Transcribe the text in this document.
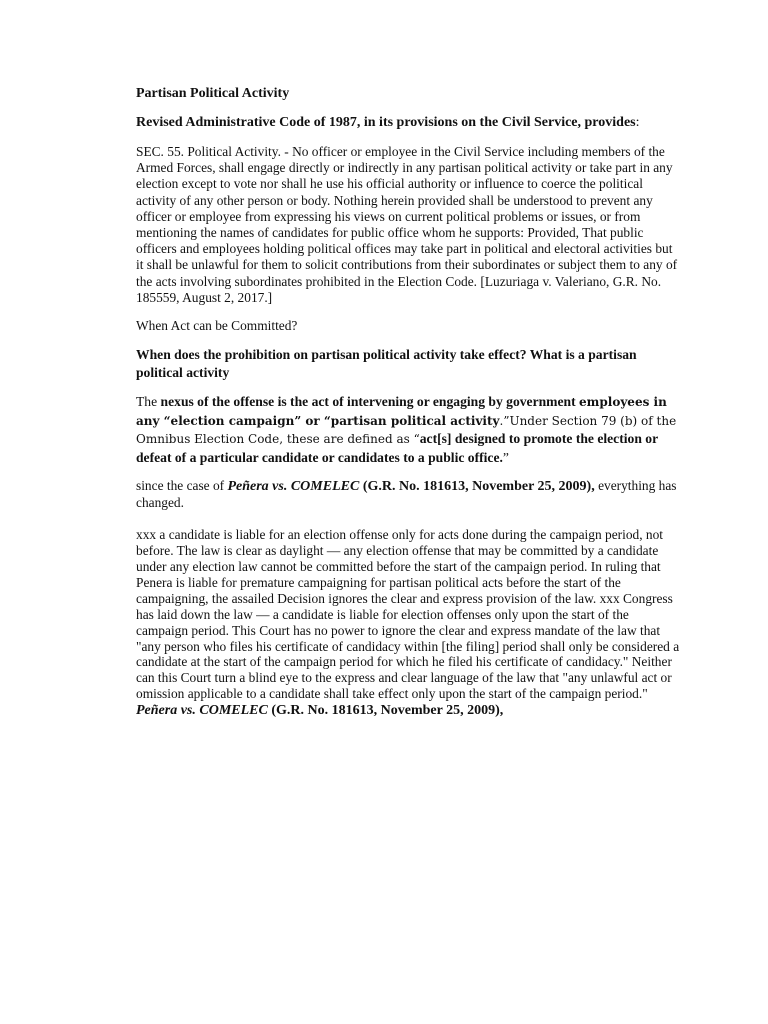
Partisan Political Activity
Revised Administrative Code of 1987, in its provisions on the Civil Service, provides:
SEC. 55. Political Activity. - No officer or employee in the Civil Service including members of the Armed Forces, shall engage directly or indirectly in any partisan political activity or take part in any election except to vote nor shall he use his official authority or influence to coerce the political activity of any other person or body. Nothing herein provided shall be understood to prevent any officer or employee from expressing his views on current political problems or issues, or from mentioning the names of candidates for public office whom he supports: Provided, That public officers and employees holding political offices may take part in political and electoral activities but it shall be unlawful for them to solicit contributions from their subordinates or subject them to any of the acts involving subordinates prohibited in the Election Code. [Luzuriaga v. Valeriano, G.R. No. 185559, August 2, 2017.]
When Act can be Committed?
When does the prohibition on partisan political activity take effect? What is a partisan political activity
The nexus of the offense is the act of intervening or engaging by government employees in any “election campaign” or “partisan political activity.”Under Section 79 (b) of the Omnibus Election Code, these are defined as “act[s] designed to promote the election or defeat of a particular candidate or candidates to a public office.”
since the case of Peñera vs. COMELEC (G.R. No. 181613, November 25, 2009), everything has changed.
xxx a candidate is liable for an election offense only for acts done during the campaign period, not before. The law is clear as daylight — any election offense that may be committed by a candidate under any election law cannot be committed before the start of the campaign period. In ruling that Penera is liable for premature campaigning for partisan political acts before the start of the campaigning, the assailed Decision ignores the clear and express provision of the law. xxx Congress has laid down the law — a candidate is liable for election offenses only upon the start of the campaign period. This Court has no power to ignore the clear and express mandate of the law that "any person who files his certificate of candidacy within [the filing] period shall only be considered a candidate at the start of the campaign period for which he filed his certificate of candidacy." Neither can this Court turn a blind eye to the express and clear language of the law that "any unlawful act or omission applicable to a candidate shall take effect only upon the start of the campaign period." Peñera vs. COMELEC (G.R. No. 181613, November 25, 2009),
